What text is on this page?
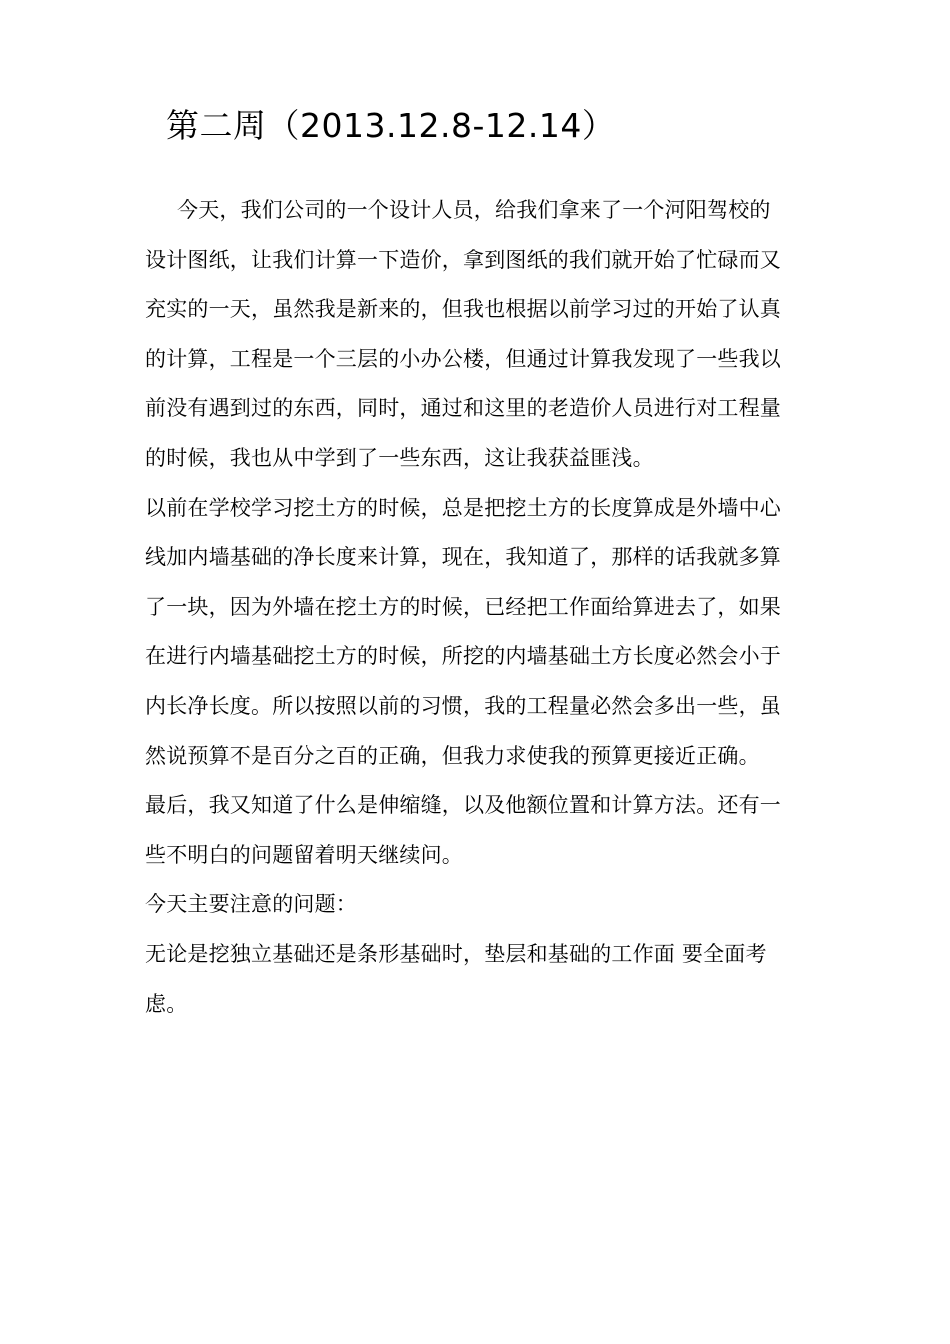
第二周（2013.12.8-12.14）
今天，我们公司的一个设计人员，给我们拿来了一个河阳驾校的
设计图纸，让我们计算一下造价，拿到图纸的我们就开始了忙碌而又
充实的一天，虽然我是新来的，但我也根据以前学习过的开始了认真
的计算，工程是一个三层的小办公楼，但通过计算我发现了一些我以
前没有遇到过的东西，同时，通过和这里的老造价人员进行对工程量
的时候，我也从中学到了一些东西，这让我获益匪浅。
以前在学校学习挖土方的时候，总是把挖土方的长度算成是外墙中心
线加内墙基础的净长度来计算，现在，我知道了，那样的话我就多算
了一块，因为外墙在挖土方的时候，已经把工作面给算进去了，如果
在进行内墙基础挖土方的时候，所挖的内墙基础土方长度必然会小于
内长净长度。所以按照以前的习惯，我的工程量必然会多出一些，虽
然说预算不是百分之百的正确，但我力求使我的预算更接近正确。
最后，我又知道了什么是伸缩缝，以及他额位置和计算方法。还有一
些不明白的问题留着明天继续问。
今天主要注意的问题：
无论是挖独立基础还是条形基础时，垫层和基础的工作面 要全面考
虑。
